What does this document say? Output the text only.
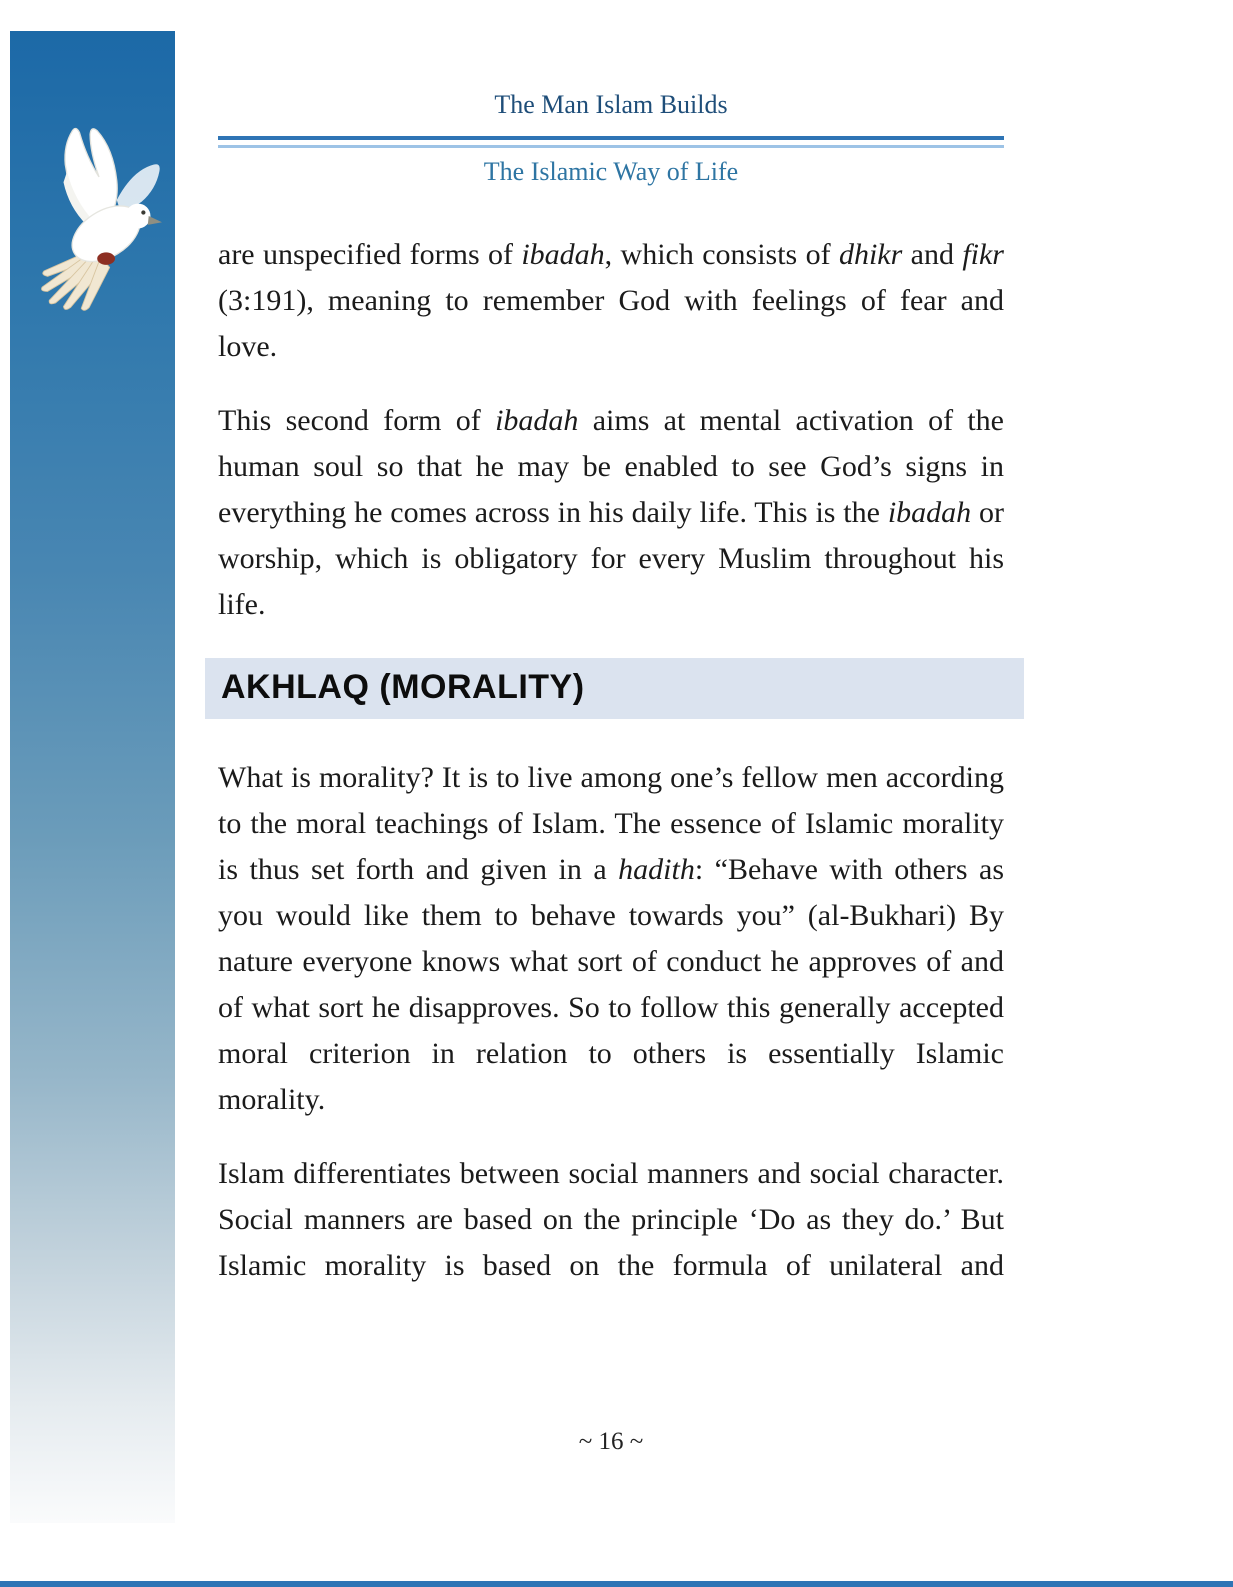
The Man Islam Builds
The Islamic Way of Life

are unspecified forms of ibadah, which consists of dhikr and fikr (3:191), meaning to remember God with feelings of fear and love.

This second form of ibadah aims at mental activation of the human soul so that he may be enabled to see God’s signs in everything he comes across in his daily life. This is the ibadah or worship, which is obligatory for every Muslim throughout his life.

AKHLAQ (MORALITY)

What is morality? It is to live among one’s fellow men according to the moral teachings of Islam. The essence of Islamic morality is thus set forth and given in a hadith: “Behave with others as you would like them to behave towards you” (al-Bukhari) By nature everyone knows what sort of conduct he approves of and of what sort he disapproves. So to follow this generally accepted moral criterion in relation to others is essentially Islamic morality.

Islam differentiates between social manners and social character. Social manners are based on the principle ‘Do as they do.’ But Islamic morality is based on the formula of unilateral and

~ 16 ~
